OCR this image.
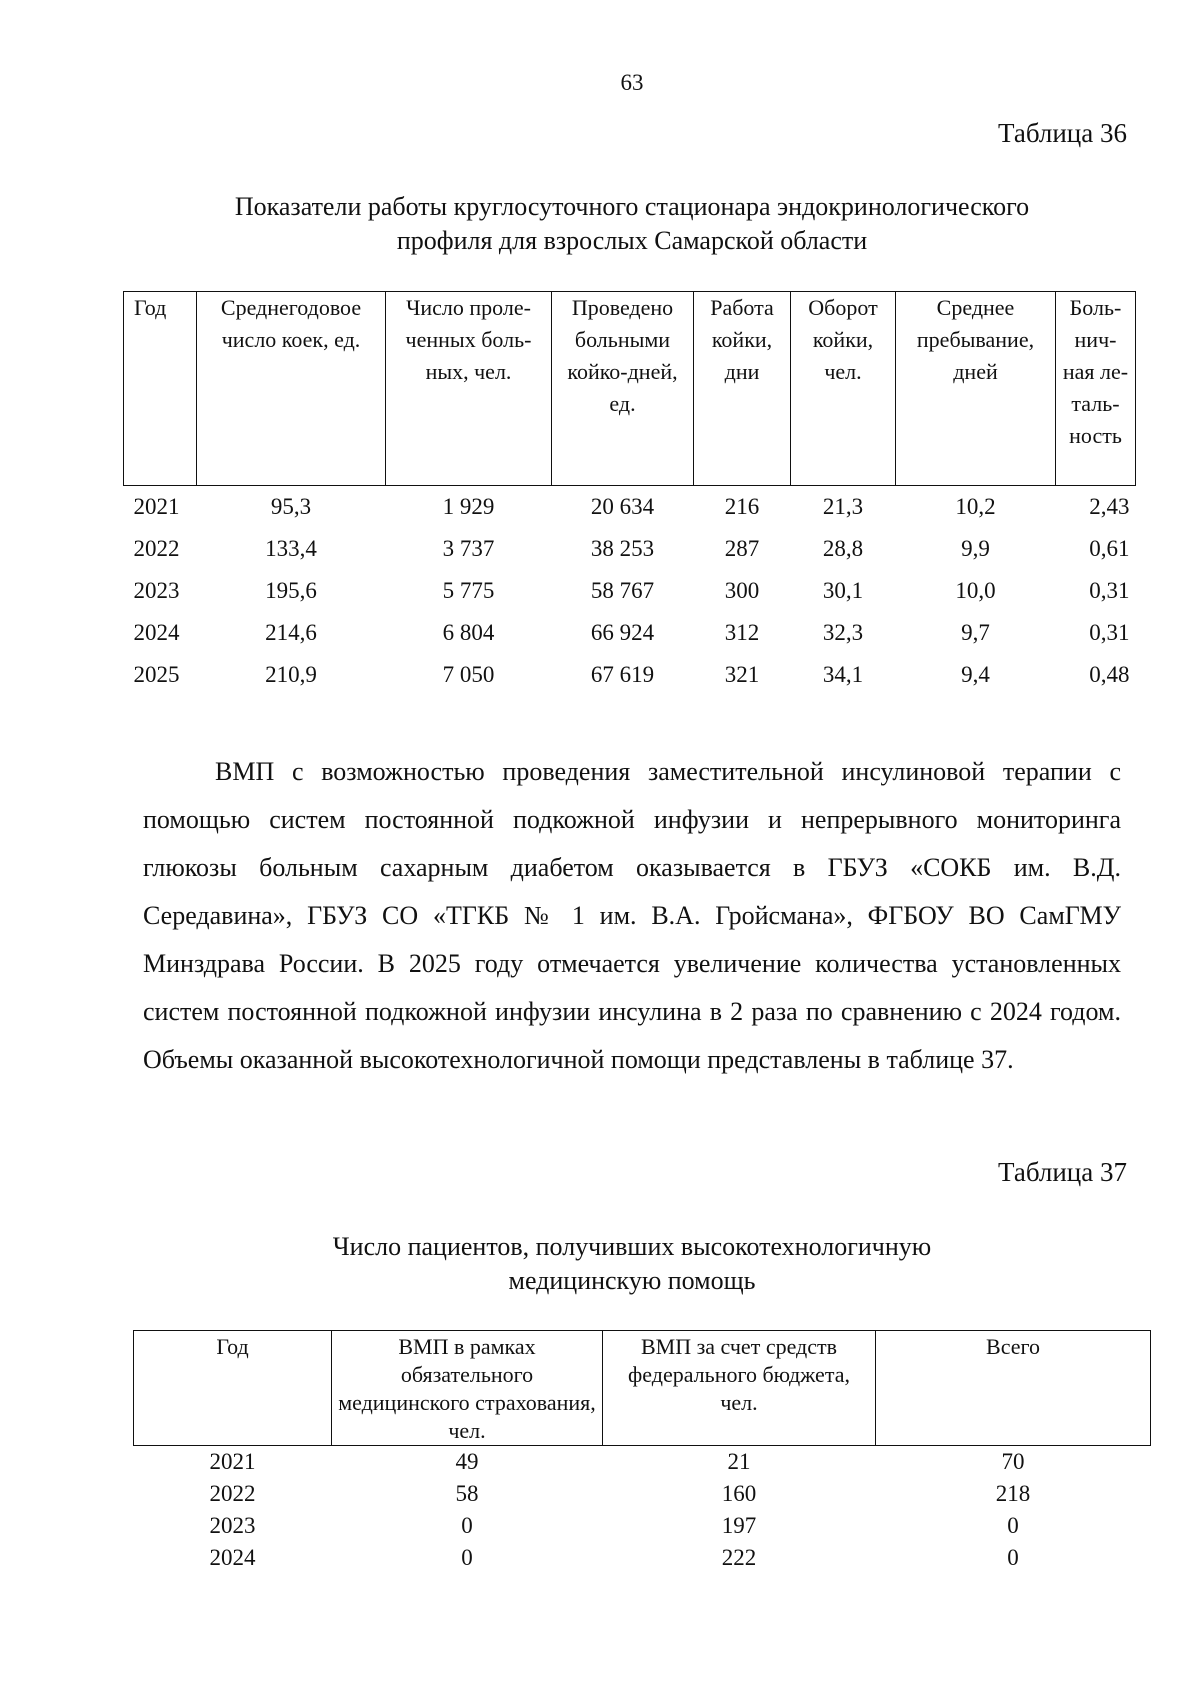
63
Таблица 36
Показатели работы круглосуточного стационара эндокринологического
профиля для взрослых Самарской области
Год	Среднегодовое число коек, ед.	Число проле-ченных боль-ных, чел.	Проведено больными койко-дней, ед.	Работа койки, дни	Оборот койки, чел.	Среднее пребывание, дней	Боль-нич-ная ле-таль-ность
2021	95,3	1 929	20 634	216	21,3	10,2	2,43
2022	133,4	3 737	38 253	287	28,8	9,9	0,61
2023	195,6	5 775	58 767	300	30,1	10,0	0,31
2024	214,6	6 804	66 924	312	32,3	9,7	0,31
2025	210,9	7 050	67 619	321	34,1	9,4	0,48

ВМП с возможностью проведения заместительной инсулиновой терапии с помощью систем постоянной подкожной инфузии и непрерывного мониторинга глюкозы больным сахарным диабетом оказывается в ГБУЗ «СОКБ им. В.Д. Середавина», ГБУЗ СО «ТГКБ № 1 им. В.А. Гройсмана», ФГБОУ ВО СамГМУ Минздрава России. В 2025 году отмечается увеличение количества установленных систем постоянной подкожной инфузии инсулина в 2 раза по сравнению с 2024 годом. Объемы оказанной высокотехнологичной помощи представлены в таблице 37.

Таблица 37
Число пациентов, получивших высокотехнологичную
медицинскую помощь
Год	ВМП в рамках обязательного медицинского страхования, чел.	ВМП за счет средств федерального бюджета, чел.	Всего
2021	49	21	70
2022	58	160	218
2023	0	197	0
2024	0	222	0
